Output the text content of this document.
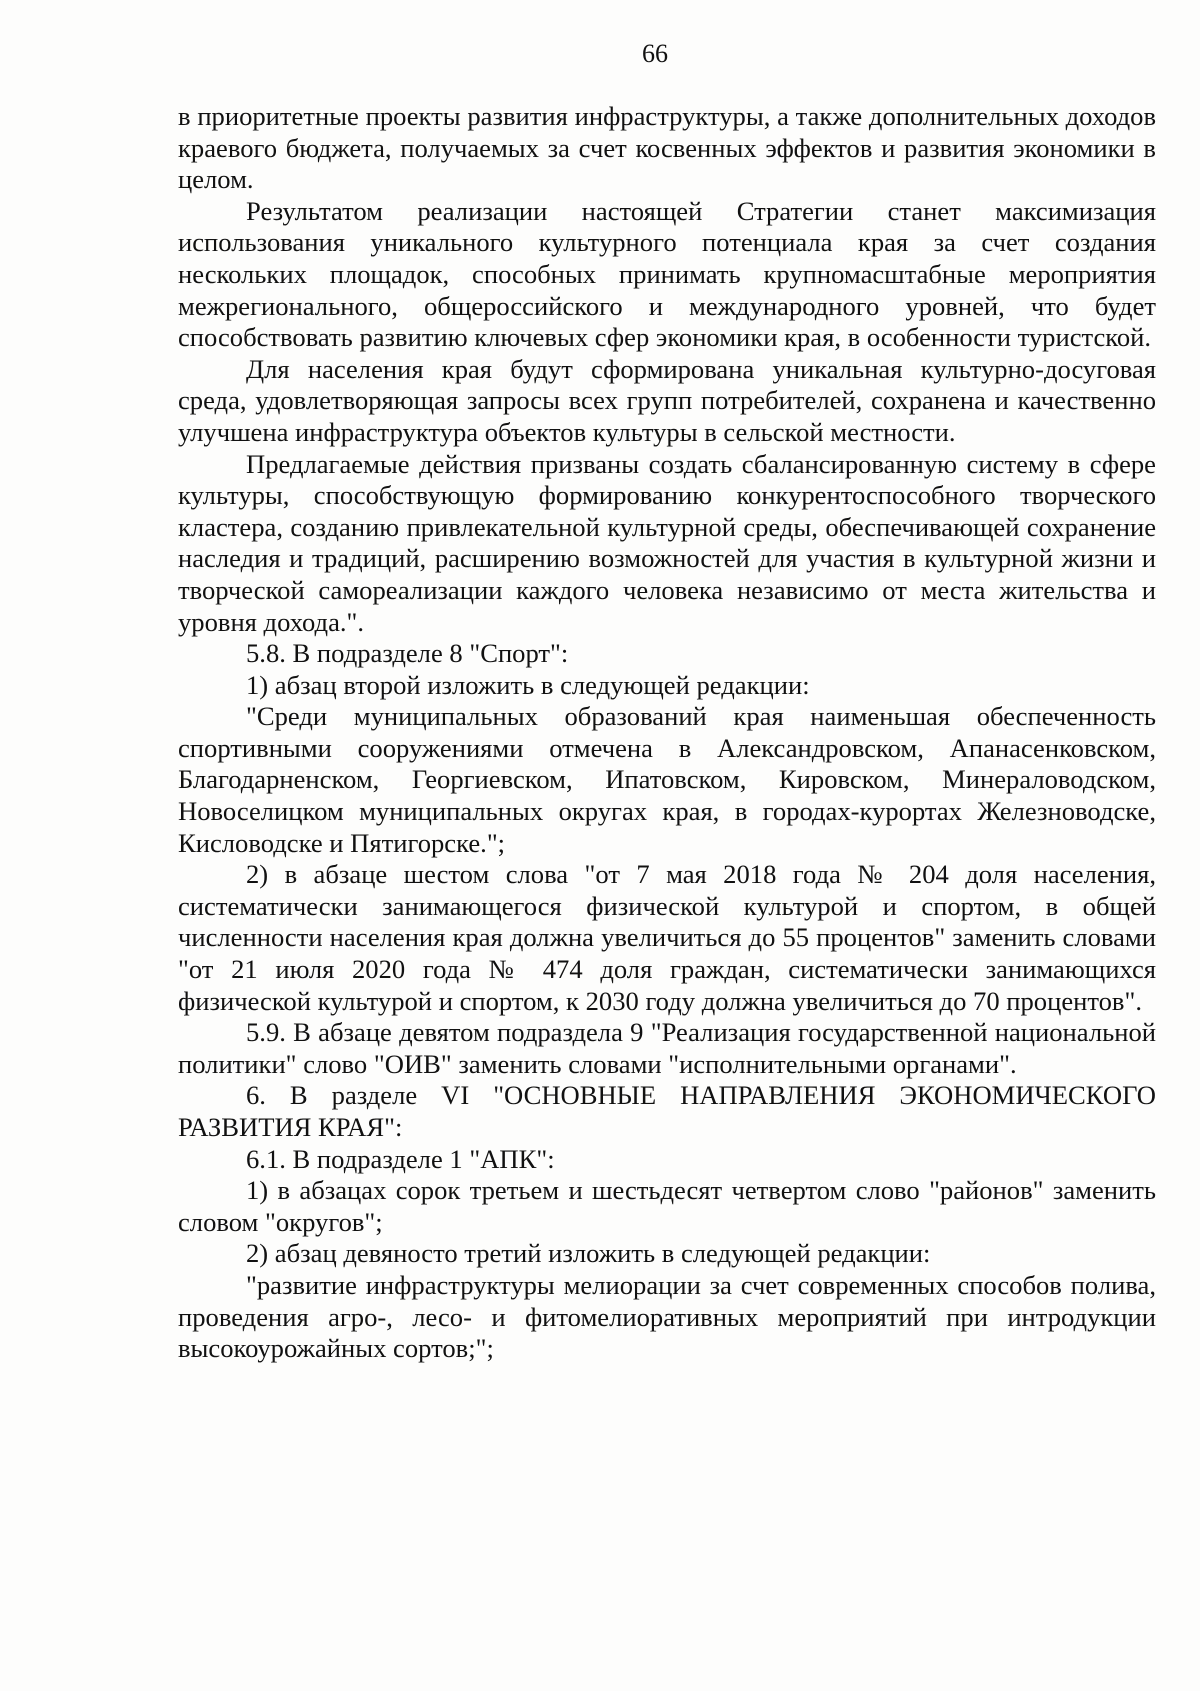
66

в приоритетные проекты развития инфраструктуры, а также дополнительных доходов краевого бюджета, получаемых за счет косвенных эффектов и развития экономики в целом.

Результатом реализации настоящей Стратегии станет максимизация использования уникального культурного потенциала края за счет создания нескольких площадок, способных принимать крупномасштабные мероприятия межрегионального, общероссийского и международного уровней, что будет способствовать развитию ключевых сфер экономики края, в особенности туристской.

Для населения края будут сформирована уникальная культурно-досуговая среда, удовлетворяющая запросы всех групп потребителей, сохранена и качественно улучшена инфраструктура объектов культуры в сельской местности.

Предлагаемые действия призваны создать сбалансированную систему в сфере культуры, способствующую формированию конкурентоспособного творческого кластера, созданию привлекательной культурной среды, обеспечивающей сохранение наследия и традиций, расширению возможностей для участия в культурной жизни и творческой самореализации каждого человека независимо от места жительства и уровня дохода.".

5.8. В подразделе 8 "Спорт":

1) абзац второй изложить в следующей редакции:

"Среди муниципальных образований края наименьшая обеспеченность спортивными сооружениями отмечена в Александровском, Апанасенковском, Благодарненском, Георгиевском, Ипатовском, Кировском, Минераловодском, Новоселицком муниципальных округах края, в городах-курортах Железноводске, Кисловодске и Пятигорске.";

2) в абзаце шестом слова "от 7 мая 2018 года № 204 доля населения, систематически занимающегося физической культурой и спортом, в общей численности населения края должна увеличиться до 55 процентов" заменить словами "от 21 июля 2020 года № 474 доля граждан, систематически занимающихся физической культурой и спортом, к 2030 году должна увеличиться до 70 процентов".

5.9. В абзаце девятом подраздела 9 "Реализация государственной национальной политики" слово "ОИВ" заменить словами "исполнительными органами".

6. В разделе VI "ОСНОВНЫЕ НАПРАВЛЕНИЯ ЭКОНОМИЧЕСКОГО РАЗВИТИЯ КРАЯ":

6.1. В подразделе 1 "АПК":

1) в абзацах сорок третьем и шестьдесят четвертом слово "районов" заменить словом "округов";

2) абзац девяносто третий изложить в следующей редакции:

"развитие инфраструктуры мелиорации за счет современных способов полива, проведения агро-, лесо- и фитомелиоративных мероприятий при интродукции высокоурожайных сортов;";
